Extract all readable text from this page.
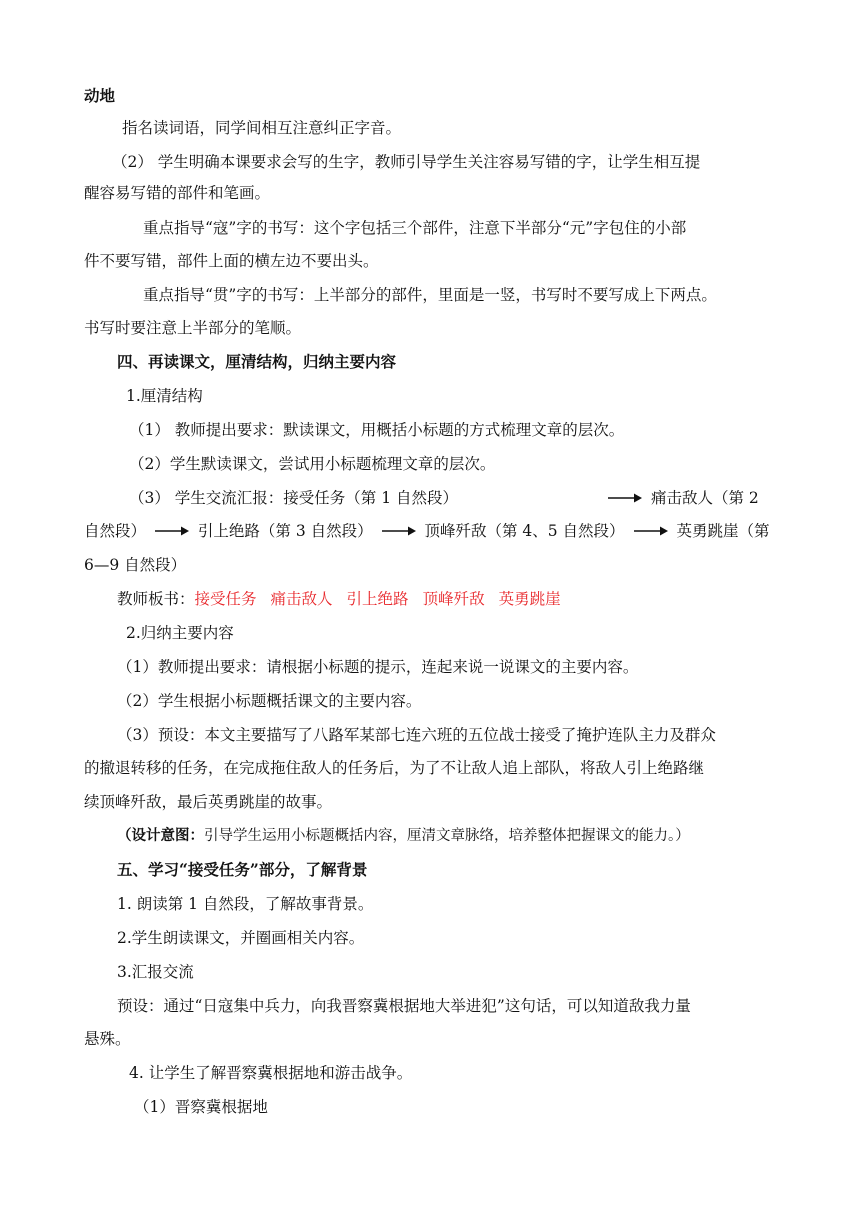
动地
指名读词语，同学间相互注意纠正字音。
（2） 学生明确本课要求会写的生字，教师引导学生关注容易写错的字，让学生相互提
醒容易写错的部件和笔画。
重点指导“寇”字的书写：这个字包括三个部件，注意下半部分“元”字包住的小部
件不要写错，部件上面的横左边不要出头。
重点指导“贯”字的书写：上半部分的部件，里面是一竖，书写时不要写成上下两点。
书写时要注意上半部分的笔顺。
四、再读课文，厘清结构，归纳主要内容
1.厘清结构
（1） 教师提出要求：默读课文，用概括小标题的方式梳理文章的层次。
（2）学生默读课文，尝试用小标题梳理文章的层次。
（3） 学生交流汇报：接受任务（第 1 自然段）	痛击敌人（第 2
自然段）	引上绝路（第 3 自然段）	顶峰歼敌（第 4、5 自然段）	英勇跳崖（第
6—9 自然段）
教师板书：接受任务 痛击敌人 引上绝路 顶峰歼敌 英勇跳崖
2.归纳主要内容
（1）教师提出要求：请根据小标题的提示，连起来说一说课文的主要内容。
（2）学生根据小标题概括课文的主要内容。
（3）预设：本文主要描写了八路军某部七连六班的五位战士接受了掩护连队主力及群众
的撤退转移的任务，在完成拖住敌人的任务后，为了不让敌人追上部队，将敌人引上绝路继
续顶峰歼敌，最后英勇跳崖的故事。
（设计意图：引导学生运用小标题概括内容，厘清文章脉络，培养整体把握课文的能力。）
五、学习“接受任务”部分，了解背景
1. 朗读第 1 自然段，了解故事背景。
2.学生朗读课文，并圈画相关内容。
3.汇报交流
预设：通过“日寇集中兵力，向我晋察冀根据地大举进犯”这句话，可以知道敌我力量
悬殊。
4. 让学生了解晋察冀根据地和游击战争。
（1）晋察冀根据地
